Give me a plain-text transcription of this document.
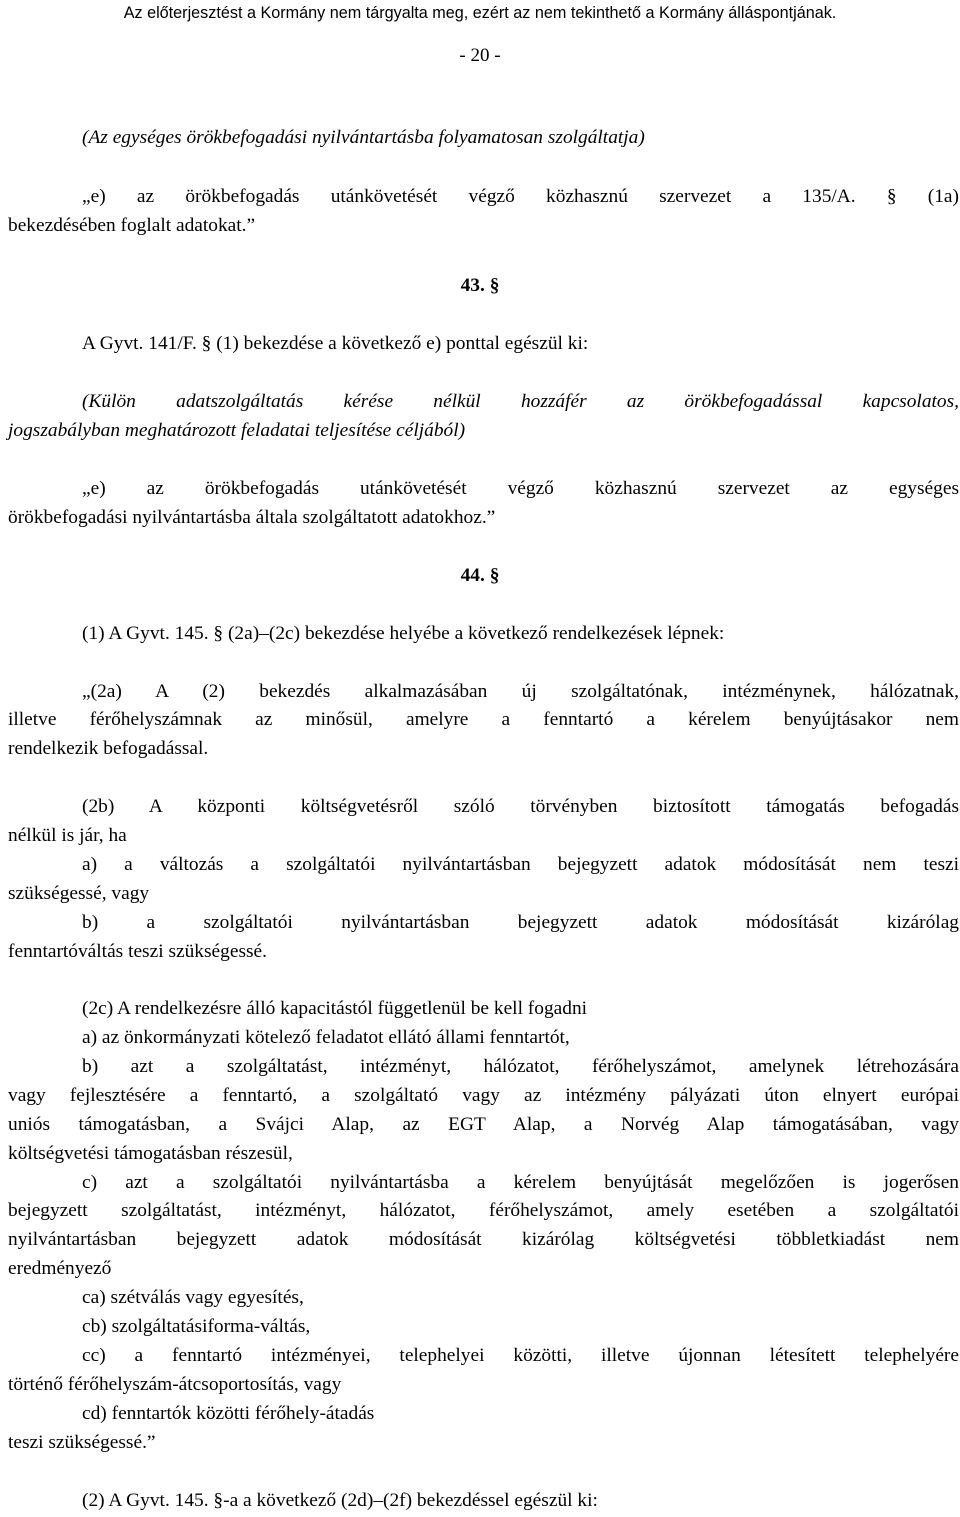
Az előterjesztést a Kormány nem tárgyalta meg, ezért az nem tekinthető a Kormány álláspontjának.
- 20 -
(Az egységes örökbefogadási nyilvántartásba folyamatosan szolgáltatja)
„e) az örökbefogadás utánkövetését végző közhasznú szervezet a 135/A. § (1a)
bekezdésében foglalt adatokat.”
43. §
A Gyvt. 141/F. § (1) bekezdése a következő e) ponttal egészül ki:
(Külön adatszolgáltatás kérése nélkül hozzáfér az örökbefogadással kapcsolatos,
jogszabályban meghatározott feladatai teljesítése céljából)
„e) az örökbefogadás utánkövetését végző közhasznú szervezet az egységes
örökbefogadási nyilvántartásba általa szolgáltatott adatokhoz.”
44. §
(1) A Gyvt. 145. § (2a)–(2c) bekezdése helyébe a következő rendelkezések lépnek:
„(2a) A (2) bekezdés alkalmazásában új szolgáltatónak, intézménynek, hálózatnak,
illetve férőhelyszámnak az minősül, amelyre a fenntartó a kérelem benyújtásakor nem
rendelkezik befogadással.
(2b) A központi költségvetésről szóló törvényben biztosított támogatás befogadás
nélkül is jár, ha
a) a változás a szolgáltatói nyilvántartásban bejegyzett adatok módosítását nem teszi
szükségessé, vagy
b) a szolgáltatói nyilvántartásban bejegyzett adatok módosítását kizárólag
fenntartóváltás teszi szükségessé.
(2c) A rendelkezésre álló kapacitástól függetlenül be kell fogadni
a) az önkormányzati kötelező feladatot ellátó állami fenntartót,
b) azt a szolgáltatást, intézményt, hálózatot, férőhelyszámot, amelynek létrehozására
vagy fejlesztésére a fenntartó, a szolgáltató vagy az intézmény pályázati úton elnyert európai
uniós támogatásban, a Svájci Alap, az EGT Alap, a Norvég Alap támogatásában, vagy
költségvetési támogatásban részesül,
c) azt a szolgáltatói nyilvántartásba a kérelem benyújtását megelőzően is jogerősen
bejegyzett szolgáltatást, intézményt, hálózatot, férőhelyszámot, amely esetében a szolgáltatói
nyilvántartásban bejegyzett adatok módosítását kizárólag költségvetési többletkiadást nem
eredményező
ca) szétválás vagy egyesítés,
cb) szolgáltatásiforma-váltás,
cc) a fenntartó intézményei, telephelyei közötti, illetve újonnan létesített telephelyére
történő férőhelyszám-átcsoportosítás, vagy
cd) fenntartók közötti férőhely-átadás
teszi szükségessé.”
(2) A Gyvt. 145. §-a a következő (2d)–(2f) bekezdéssel egészül ki:
